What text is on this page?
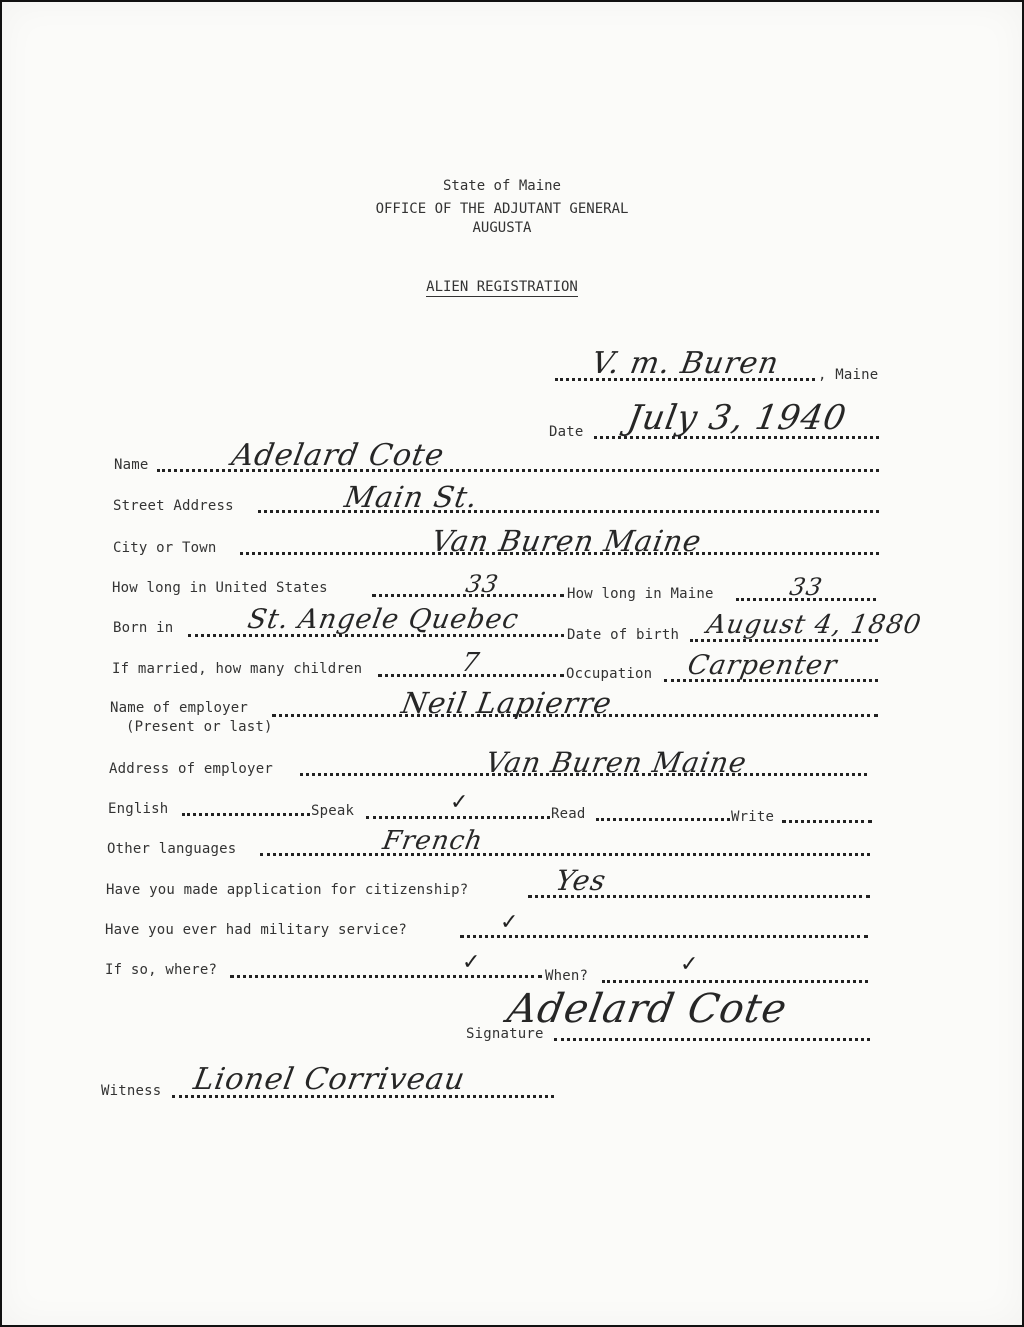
State of Maine
OFFICE OF THE ADJUTANT GENERAL
AUGUSTA
ALIEN REGISTRATION
V. m. Buren	, Maine
Date July 3, 1940
Name	Adelard Cote
Street Address	Main St.
City or Town	Van Buren Maine
How long in United States	33	How long in Maine	33
Born in	St. Angele Quebec	Date of birth August 4, 1880
If married, how many children	7	Occupation Carpenter
Name of employer
(Present or last)
Neil Lapierre
Address of employer	Van Buren Maine
English	Speak	✓	Read	Write
Other languages	French
Have you made application for citizenship?	Yes
Have you ever had military service?	✓
If so, where?	✓
When?	✓
Signature
Adelard Cote
Witness Lionel Corriveau
